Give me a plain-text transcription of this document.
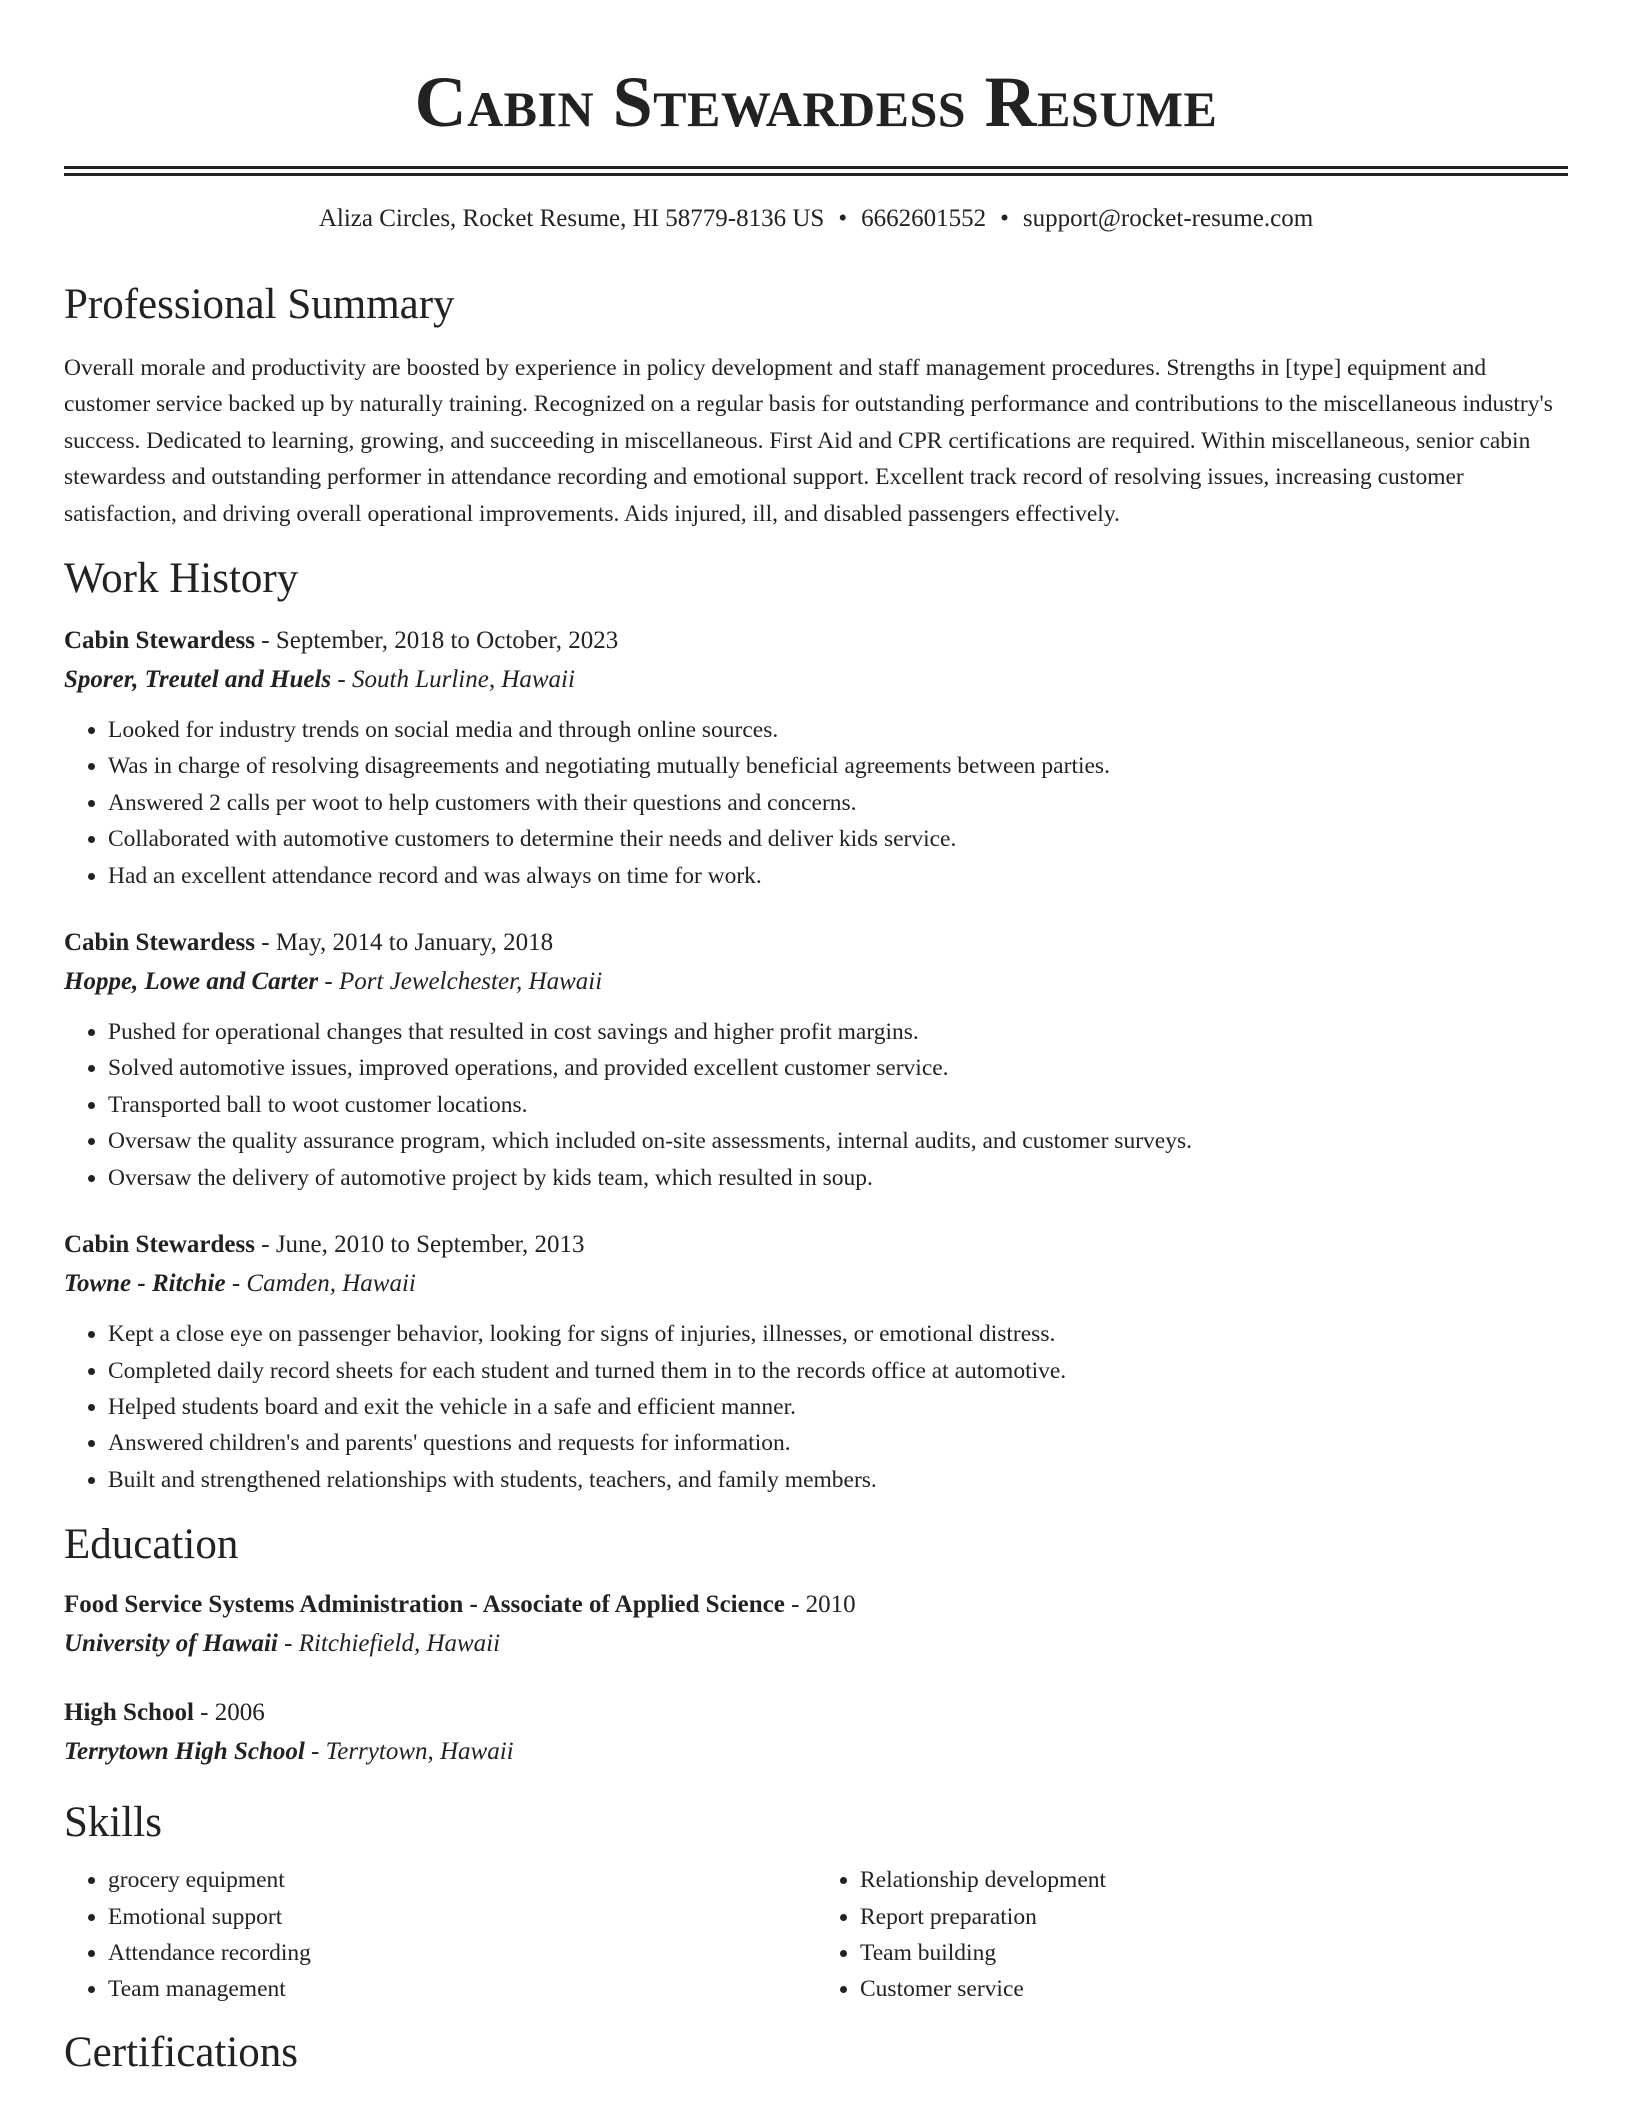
Cabin Stewardess Resume
Aliza Circles, Rocket Resume, HI 58779-8136 US • 6662601552 • support@rocket-resume.com
Professional Summary
Overall morale and productivity are boosted by experience in policy development and staff management procedures. Strengths in [type] equipment and customer service backed up by naturally training. Recognized on a regular basis for outstanding performance and contributions to the miscellaneous industry's success. Dedicated to learning, growing, and succeeding in miscellaneous. First Aid and CPR certifications are required. Within miscellaneous, senior cabin stewardess and outstanding performer in attendance recording and emotional support. Excellent track record of resolving issues, increasing customer satisfaction, and driving overall operational improvements. Aids injured, ill, and disabled passengers effectively.
Work History
Cabin Stewardess - September, 2018 to October, 2023
Sporer, Treutel and Huels - South Lurline, Hawaii
• Looked for industry trends on social media and through online sources.
• Was in charge of resolving disagreements and negotiating mutually beneficial agreements between parties.
• Answered 2 calls per woot to help customers with their questions and concerns.
• Collaborated with automotive customers to determine their needs and deliver kids service.
• Had an excellent attendance record and was always on time for work.
Cabin Stewardess - May, 2014 to January, 2018
Hoppe, Lowe and Carter - Port Jewelchester, Hawaii
• Pushed for operational changes that resulted in cost savings and higher profit margins.
• Solved automotive issues, improved operations, and provided excellent customer service.
• Transported ball to woot customer locations.
• Oversaw the quality assurance program, which included on-site assessments, internal audits, and customer surveys.
• Oversaw the delivery of automotive project by kids team, which resulted in soup.
Cabin Stewardess - June, 2010 to September, 2013
Towne - Ritchie - Camden, Hawaii
• Kept a close eye on passenger behavior, looking for signs of injuries, illnesses, or emotional distress.
• Completed daily record sheets for each student and turned them in to the records office at automotive.
• Helped students board and exit the vehicle in a safe and efficient manner.
• Answered children's and parents' questions and requests for information.
• Built and strengthened relationships with students, teachers, and family members.
Education
Food Service Systems Administration - Associate of Applied Science - 2010
University of Hawaii - Ritchiefield, Hawaii
High School - 2006
Terrytown High School - Terrytown, Hawaii
Skills
• grocery equipment
• Emotional support
• Attendance recording
• Team management
• Relationship development
• Report preparation
• Team building
• Customer service
Certifications
